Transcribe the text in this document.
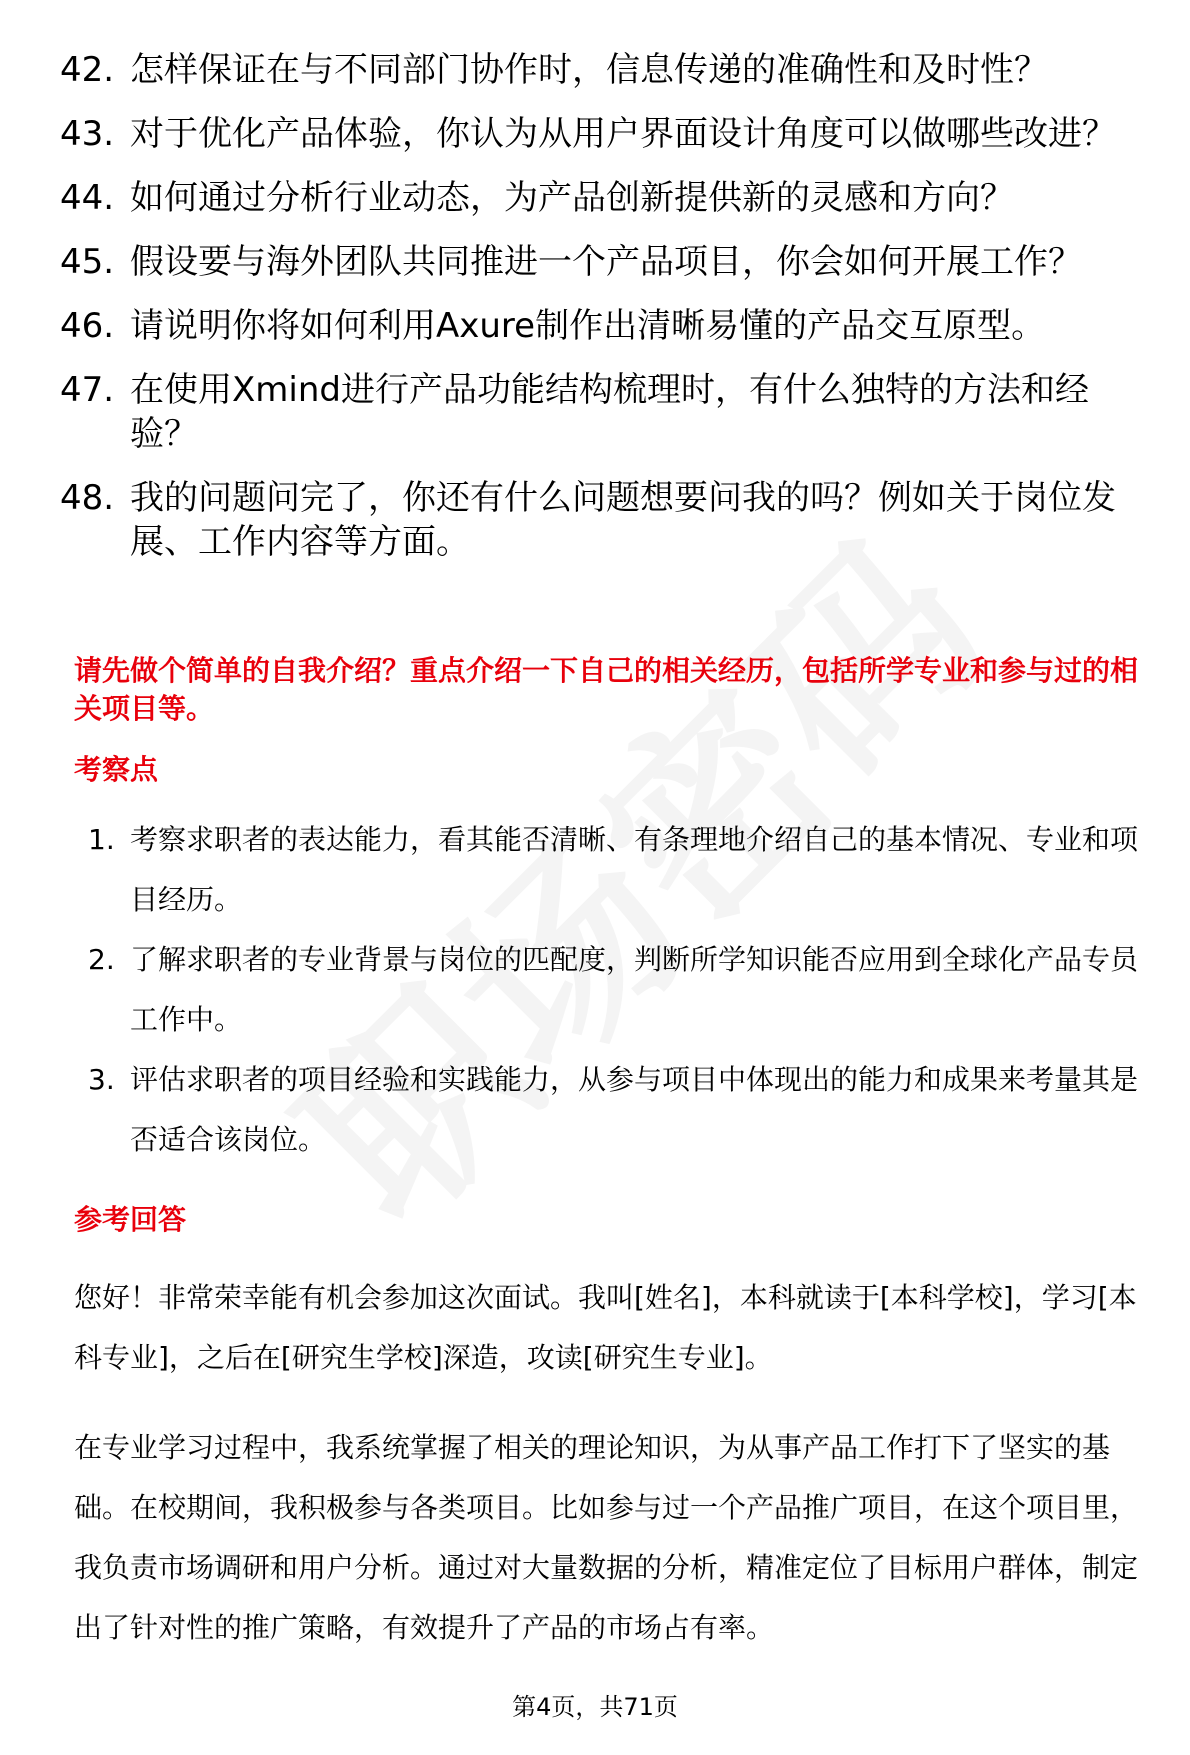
42. 怎样保证在与不同部门协作时，信息传递的准确性和及时性？
43. 对于优化产品体验，你认为从用户界面设计角度可以做哪些改进？
44. 如何通过分析行业动态，为产品创新提供新的灵感和方向？
45. 假设要与海外团队共同推进一个产品项目，你会如何开展工作？
46. 请说明你将如何利用Axure制作出清晰易懂的产品交互原型。
47. 在使用Xmind进行产品功能结构梳理时，有什么独特的方法和经验？
48. 我的问题问完了，你还有什么问题想要问我的吗？例如关于岗位发展、工作内容等方面。
请先做个简单的自我介绍？重点介绍一下自己的相关经历，包括所学专业和参与过的相关项目等。
考察点
1. 考察求职者的表达能力，看其能否清晰、有条理地介绍自己的基本情况、专业和项目经历。
2. 了解求职者的专业背景与岗位的匹配度，判断所学知识能否应用到全球化产品专员工作中。
3. 评估求职者的项目经验和实践能力，从参与项目中体现出的能力和成果来考量其是否适合该岗位。
参考回答
您好！非常荣幸能有机会参加这次面试。我叫[姓名]，本科就读于[本科学校]，学习[本科专业]，之后在[研究生学校]深造，攻读[研究生专业]。
在专业学习过程中，我系统掌握了相关的理论知识，为从事产品工作打下了坚实的基础。在校期间，我积极参与各类项目。比如参与过一个产品推广项目，在这个项目里，我负责市场调研和用户分析。通过对大量数据的分析，精准定位了目标用户群体，制定出了针对性的推广策略，有效提升了产品的市场占有率。
第4页，共71页
